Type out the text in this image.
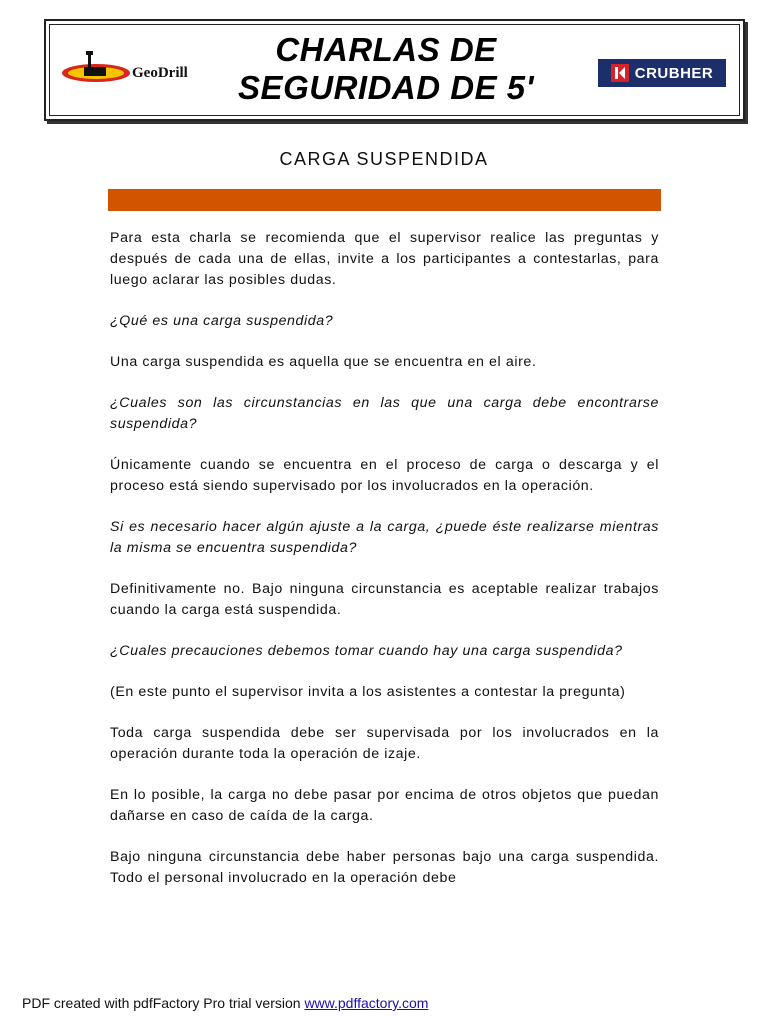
GeoDrill
CHARLAS DE
SEGURIDAD DE 5'	CRUBHER
CARGA SUSPENDIDA

Para esta charla se recomienda que el supervisor realice las preguntas y después de cada una de ellas, invite a los participantes a contestarlas, para luego aclarar las posibles dudas.

¿Qué es una carga suspendida?

Una carga suspendida es aquella que se encuentra en el aire.

¿Cuales son las circunstancias en las que una carga debe encontrarse suspendida?

Únicamente cuando se encuentra en el proceso de carga o descarga y el proceso está siendo supervisado por los involucrados en la operación.

Si es necesario hacer algún ajuste a la carga, ¿puede éste realizarse mientras la misma se encuentra suspendida?

Definitivamente no. Bajo ninguna circunstancia es aceptable realizar trabajos cuando la carga está suspendida.

¿Cuales precauciones debemos tomar cuando hay una carga suspendida?

(En este punto el supervisor invita a los asistentes a contestar la pregunta)

Toda carga suspendida debe ser supervisada por los involucrados en la operación durante toda la operación de izaje.

En lo posible, la carga no debe pasar por encima de otros objetos que puedan dañarse en caso de caída de la carga.

Bajo ninguna circunstancia debe haber personas bajo una carga suspendida. Todo el personal involucrado en la operación debe

PDF created with pdfFactory Pro trial version www.pdffactory.com
